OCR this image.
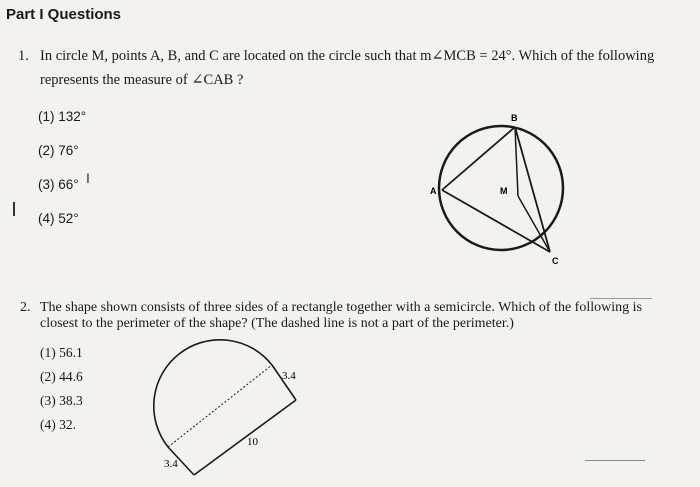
Part I Questions
1. In circle M, points A, B, and C are located on the circle such that m∠MCB = 24°. Which of the following
represents the measure of ∠CAB ?
(1) 132°
(2) 76°
(3) 66°
(4) 52°
I
A
B
C
M
2. The shape shown consists of three sides of a rectangle together with a semicircle. Which of the following is
closest to the perimeter of the shape? (The dashed line is not a part of the perimeter.)
(1) 56.1
(2) 44.6
(3) 38.3
(4) 32.
3.4
10
3.4
